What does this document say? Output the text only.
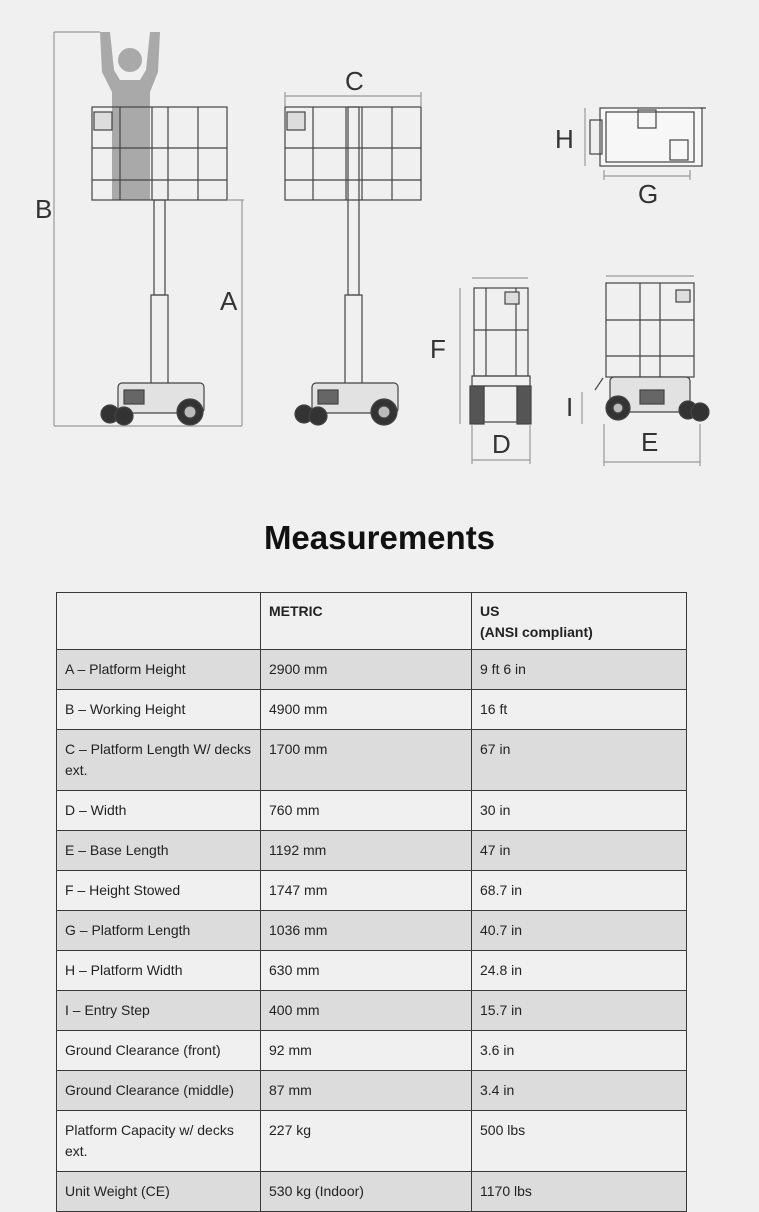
B
A
C
H
G
F
D
I
E
Measurements
	METRIC	US
(ANSI compliant)

A – Platform Height	2900 mm	9 ft 6 in
B – Working Height	4900 mm	16 ft
C – Platform Length W/ decks ext.	1700 mm	67 in
D – Width	760 mm	30 in
E – Base Length	1192 mm	47 in
F – Height Stowed	1747 mm	68.7 in
G – Platform Length	1036 mm	40.7 in
H – Platform Width	630 mm	24.8 in
I – Entry Step	400 mm	15.7 in
Ground Clearance (front)	92 mm	3.6 in
Ground Clearance (middle)	87 mm	3.4 in
Platform Capacity w/ decks ext.	227 kg	500 lbs
Unit Weight (CE)	530 kg (Indoor)	1170 lbs
